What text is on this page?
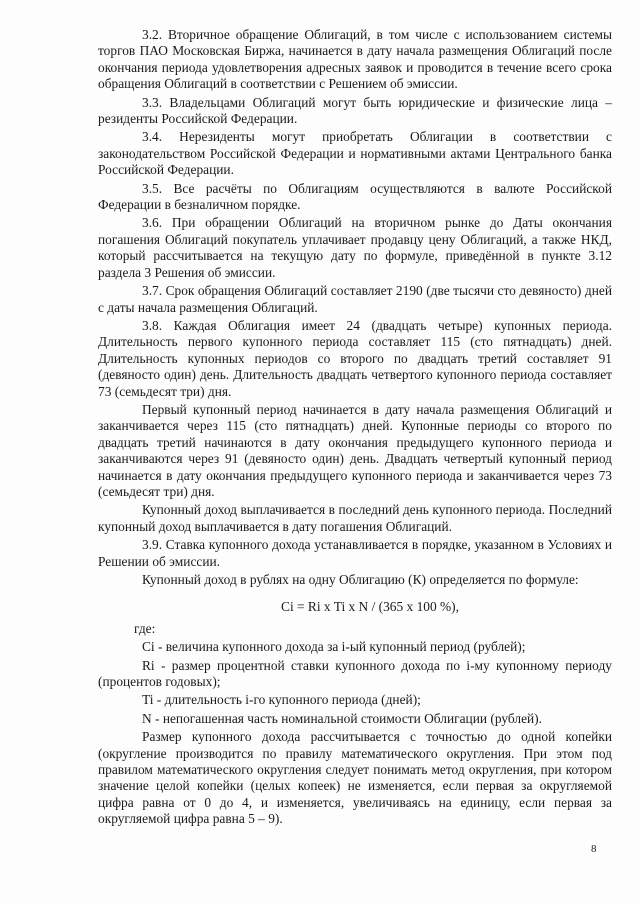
3.2. Вторичное обращение Облигаций, в том числе с использованием системы торгов ПАО Московская Биржа, начинается в дату начала размещения Облигаций после окончания периода удовлетворения адресных заявок и проводится в течение всего срока обращения Облигаций в соответствии с Решением об эмиссии.

3.3. Владельцами Облигаций могут быть юридические и физические лица – резиденты Российской Федерации.

3.4. Нерезиденты могут приобретать Облигации в соответствии с законодательством Российской Федерации и нормативными актами Центрального банка Российской Федерации.

3.5. Все расчёты по Облигациям осуществляются в валюте Российской Федерации в безналичном порядке.

3.6. При обращении Облигаций на вторичном рынке до Даты окончания погашения Облигаций покупатель уплачивает продавцу цену Облигаций, а также НКД, который рассчитывается на текущую дату по формуле, приведённой в пункте 3.12 раздела 3 Решения об эмиссии.

3.7. Срок обращения Облигаций составляет 2190 (две тысячи сто девяносто) дней с даты начала размещения Облигаций.

3.8. Каждая Облигация имеет 24 (двадцать четыре) купонных периода. Длительность первого купонного периода составляет 115 (сто пятнадцать) дней. Длительность купонных периодов со второго по двадцать третий составляет 91 (девяносто один) день. Длительность двадцать четвертого купонного периода составляет 73 (семьдесят три) дня.

Первый купонный период начинается в дату начала размещения Облигаций и заканчивается через 115 (сто пятнадцать) дней. Купонные периоды со второго по двадцать третий начинаются в дату окончания предыдущего купонного периода и заканчиваются через 91 (девяносто один) день. Двадцать четвертый купонный период начинается в дату окончания предыдущего купонного периода и заканчивается через 73 (семьдесят три) дня.

Купонный доход выплачивается в последний день купонного периода. Последний купонный доход выплачивается в дату погашения Облигаций.

3.9. Ставка купонного дохода устанавливается в порядке, указанном в Условиях и Решении об эмиссии.

Купонный доход в рублях на одну Облигацию (К) определяется по формуле:

Ci = Ri x Ti x N / (365 x 100 %),

где:

Ci - величина купонного дохода за i-ый купонный период (рублей);

Ri - размер процентной ставки купонного дохода по i-му купонному периоду (процентов годовых);

Ti - длительность i-го купонного периода (дней);

N - непогашенная часть номинальной стоимости Облигации (рублей).

Размер купонного дохода рассчитывается с точностью до одной копейки (округление производится по правилу математического округления. При этом под правилом математического округления следует понимать метод округления, при котором значение целой копейки (целых копеек) не изменяется, если первая за округляемой цифра равна от 0 до 4, и изменяется, увеличиваясь на единицу, если первая за округляемой цифра равна 5 – 9).

8
